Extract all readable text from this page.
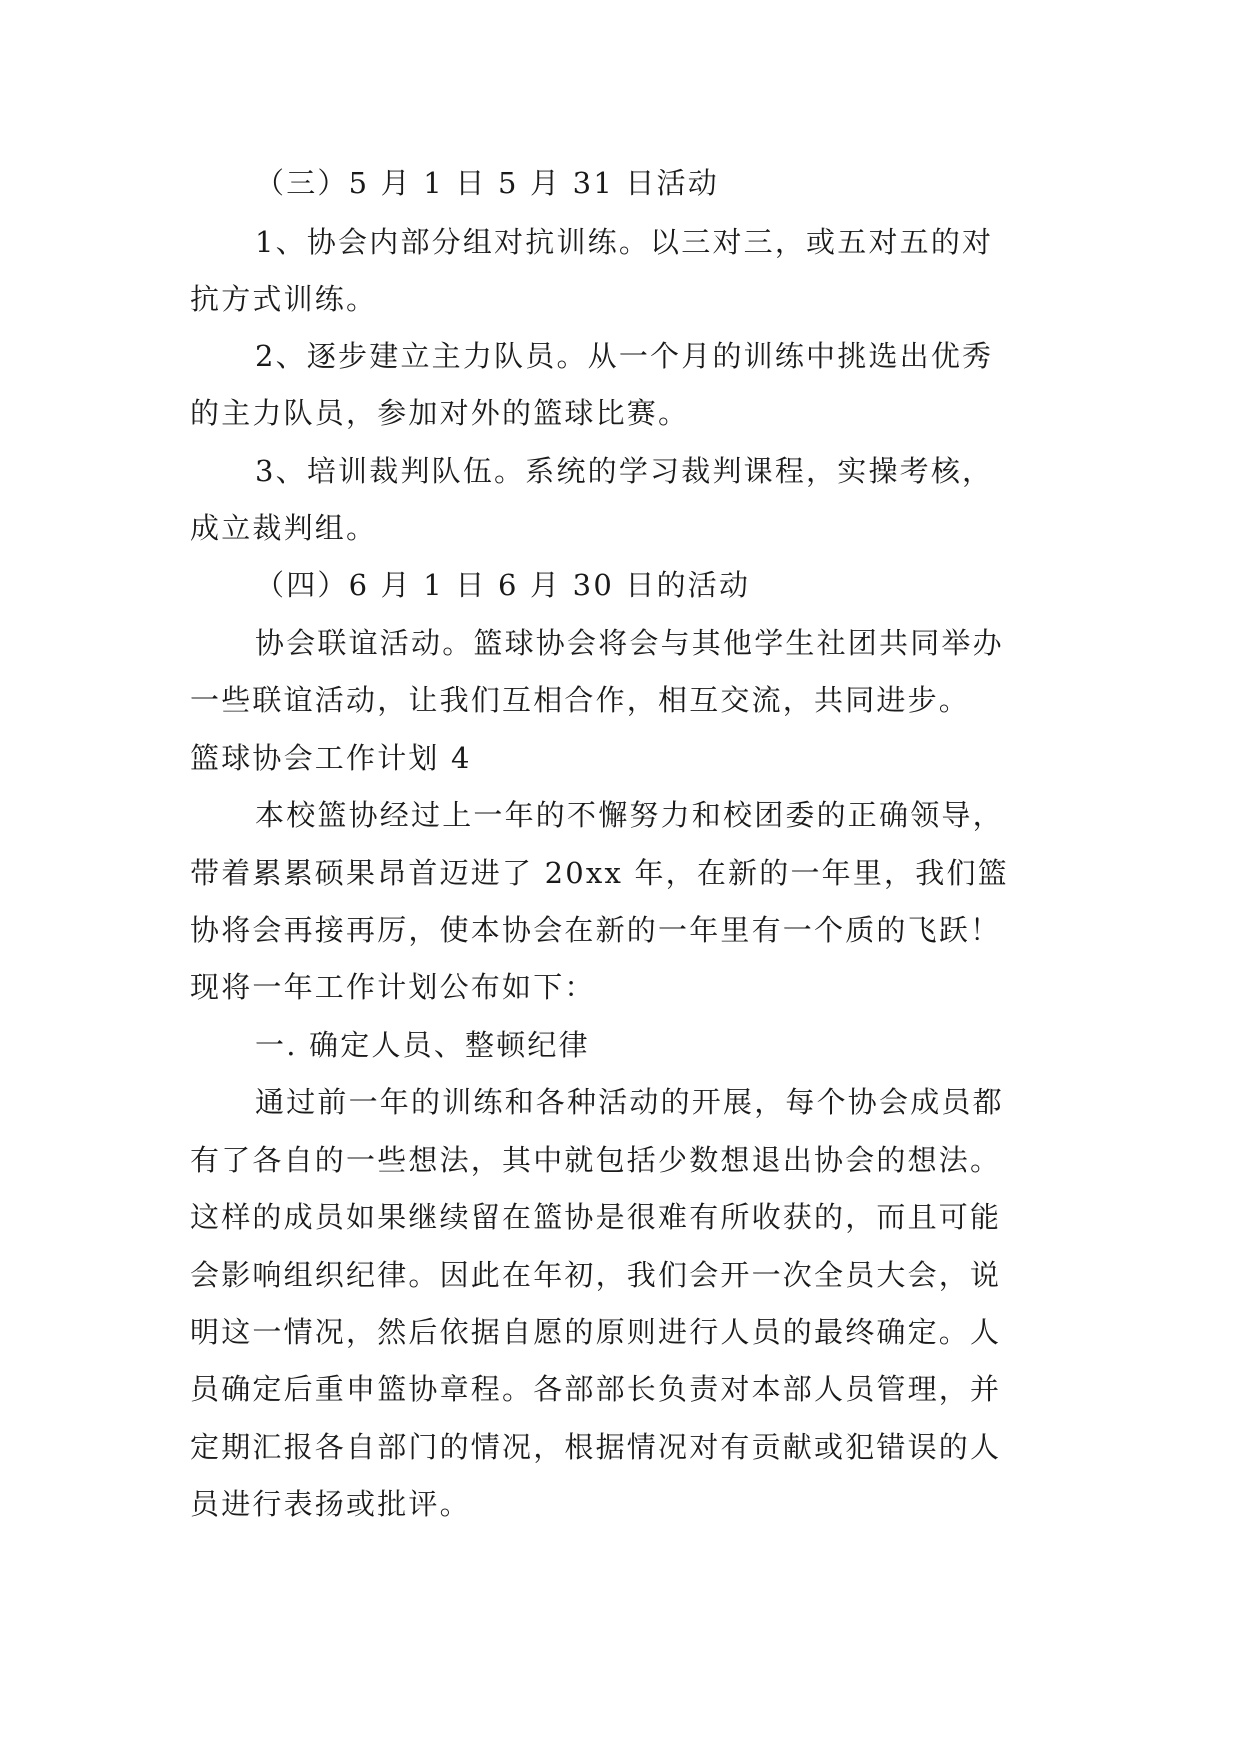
（三）5 月 1 日 5 月 31 日活动
1、协会内部分组对抗训练。以三对三，或五对五的对
抗方式训练。
2、逐步建立主力队员。从一个月的训练中挑选出优秀
的主力队员，参加对外的篮球比赛。
3、培训裁判队伍。系统的学习裁判课程，实操考核，
成立裁判组。
（四）6 月 1 日 6 月 30 日的活动
协会联谊活动。篮球协会将会与其他学生社团共同举办
一些联谊活动，让我们互相合作，相互交流，共同进步。
篮球协会工作计划 4
本校篮协经过上一年的不懈努力和校团委的正确领导，
带着累累硕果昂首迈进了 20xx 年，在新的一年里，我们篮
协将会再接再厉，使本协会在新的一年里有一个质的飞跃！
现将一年工作计划公布如下：
一. 确定人员、整顿纪律
通过前一年的训练和各种活动的开展，每个协会成员都
有了各自的一些想法，其中就包括少数想退出协会的想法。
这样的成员如果继续留在篮协是很难有所收获的，而且可能
会影响组织纪律。因此在年初，我们会开一次全员大会，说
明这一情况，然后依据自愿的原则进行人员的最终确定。人
员确定后重申篮协章程。各部部长负责对本部人员管理，并
定期汇报各自部门的情况，根据情况对有贡献或犯错误的人
员进行表扬或批评。
